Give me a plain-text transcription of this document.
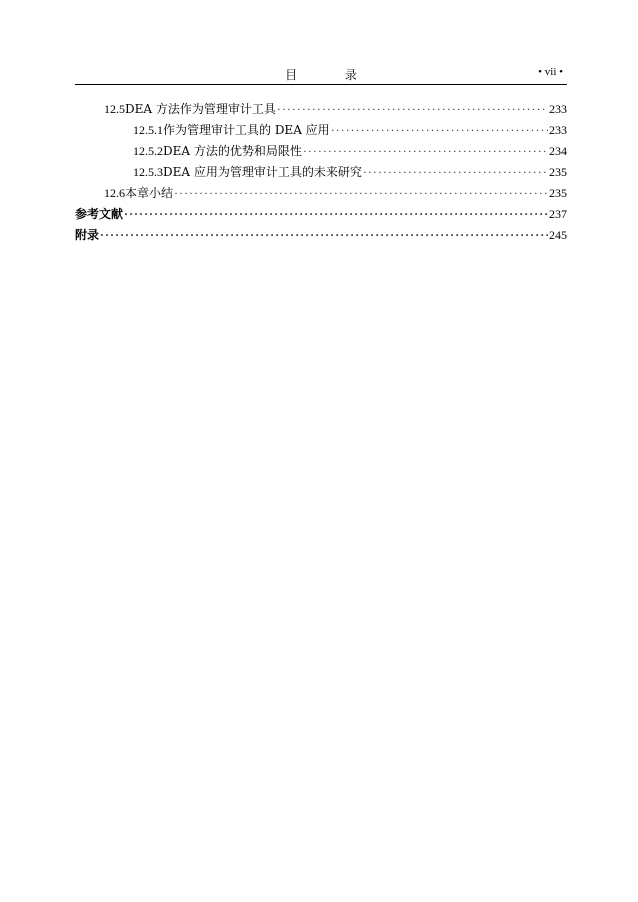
目 录	• vii •
12.5 DEA 方法作为管理审计工具 ·····	233
12.5.1 作为管理审计工具的 DEA 应用 ·····	233
12.5.2 DEA 方法的优势和局限性 ·····	234
12.5.3 DEA 应用为管理审计工具的未来研究 ·····	235
12.6 本章小结 ·····	235
参考文献 ·····	237
附录 ·····	245
